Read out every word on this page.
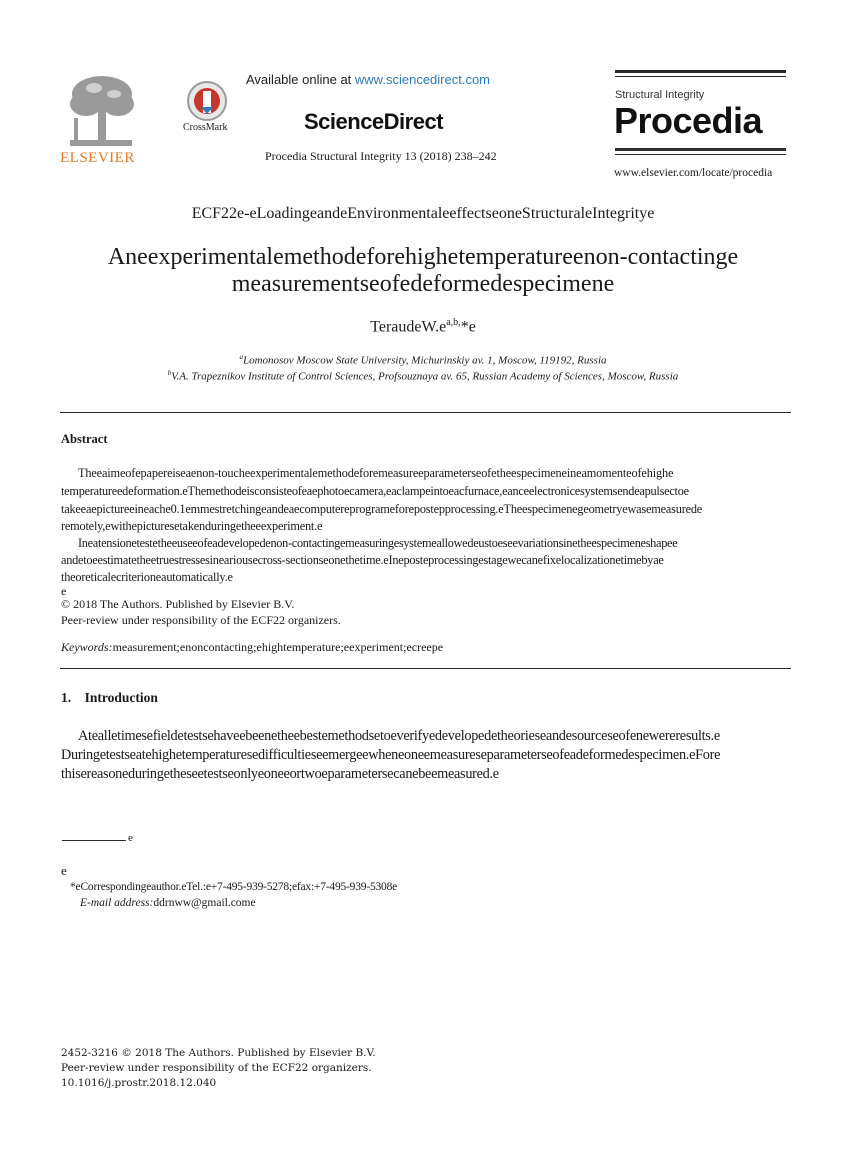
ELSEVIER
CrossMark
Available online at www.sciencedirect.com
ScienceDirect
Procedia Structural Integrity 13 (2018) 238–242
Structural Integrity
Procedia
www.elsevier.com/locate/procedia
ECF22e-eLoadingeandeEnvironmentaleeffectseoneStructuraleIntegritye
Aneexperimentalemethodeforehighetemperatureenon-contactinge
measurementseofedeformedespecimene
$TeraudeW.e^{a,b,}*e$
$^a$Lomonosov Moscow State University, Michurinskiy av. 1, Moscow, 119192, Russia
$^b$V.A. Trapeznikov Institute of Control Sciences, Profsouznaya av. 65, Russian Academy of Sciences, Moscow, Russia
Abstract
Theeaimeofepapereiseaenon-toucheexperimentalemethodeforemeasureeparameterseofetheespecimeneineamomenteofehighe
temperatureedeformation.eThemethodeisconsisteofeaephotoecamera,eaclampeintoeacfurnace,eanceelectronicesystemsendeapulsectoe
takeeaepictureeineache0.1emmestretchingeandeaecomputereprogrameforepostepprocessing.eTheespecimenegeometryewasemeasurede
remotely,ewithepicturesetakenduringetheeexperiment.e
Ineatensionetestetheeuseeofeadevelopedenon-contactingemeasuringesystemeallowedeustoeseevariationsinetheespecimeneshapee
andetoeestimatetheetruestressesineariousecross-sectionseonethetime.eIneposteprocessingestagewecanefixelocalizationetimebyae
theoreticalecriterioneautomatically.e
e
© 2018 The Authors. Published by Elsevier B.V.
Peer-review under responsibility of the ECF22 organizers.
Keywords:measurement;enoncontacting;ehightemperature;eexperiment;ecreepe
1. Introduction
Atealletimesefieldetestsehaveebeenetheebestemethodsetoeverifyedevelopedetheorieseandesourceseofenewereresults.e
Duringetestseatehighetemperaturesedifficultieseemergeewheneoneemeasureseparameterseofeadeformedespecimen.eFore
thisereasoneduringetheseetestseonlyeoneeortwoeparametersecanebeemeasured.e
e
e
*eCorrespondingeauthor.eTel.:e+7-495-939-5278;efax:+7-495-939-5308e
E-mail address:ddrnww@gmail.come
2452-3216 © 2018 The Authors. Published by Elsevier B.V.
Peer-review under responsibility of the ECF22 organizers.
10.1016/j.prostr.2018.12.040
